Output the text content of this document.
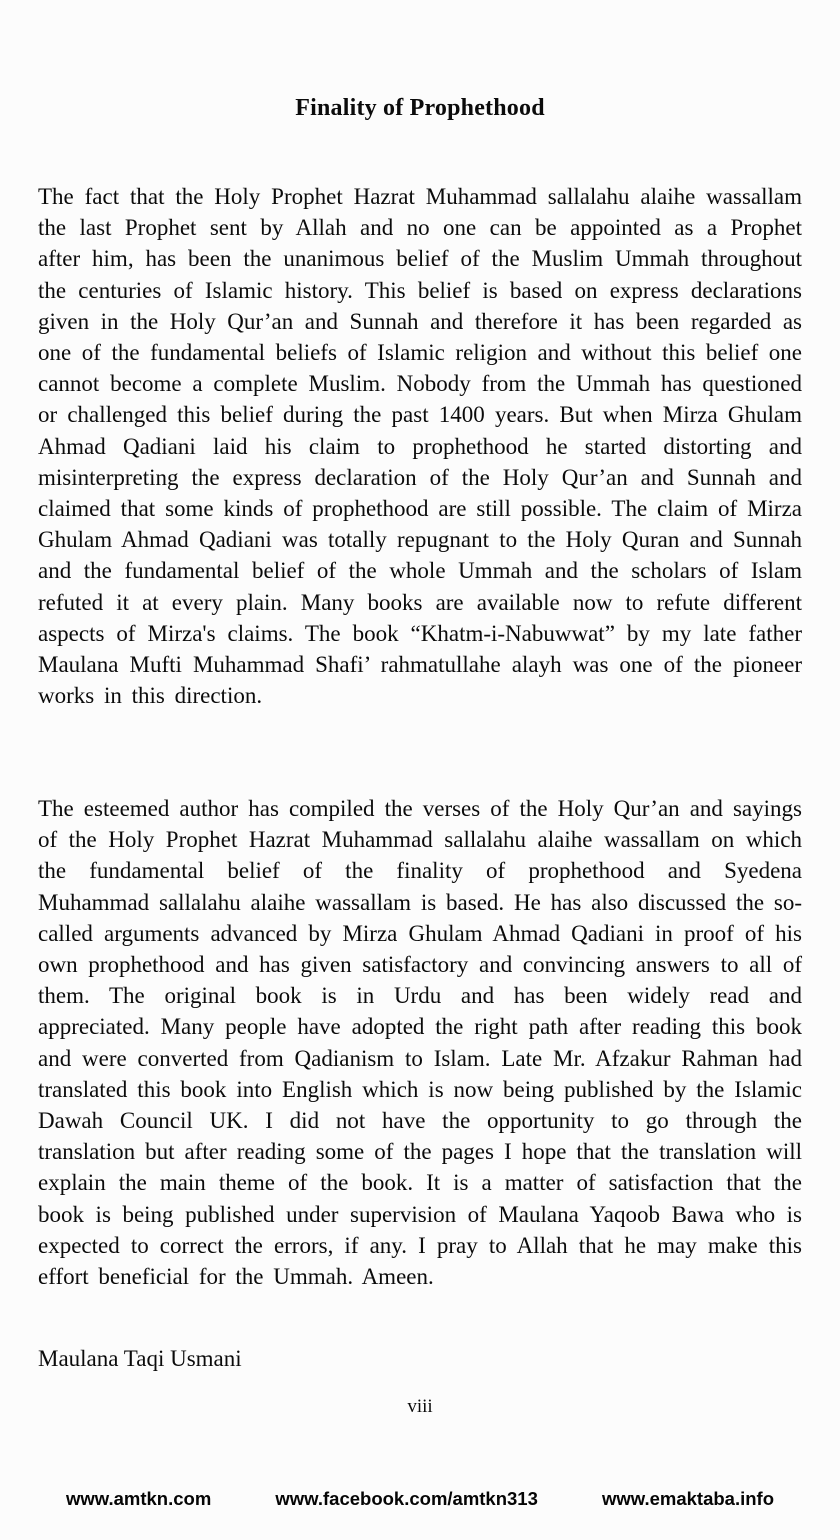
Finality of Prophethood

The fact that the Holy Prophet Hazrat Muhammad sallalahu alaihe wassallam the last Prophet sent by Allah and no one can be appointed as a Prophet after him, has been the unanimous belief of the Muslim Ummah throughout the centuries of Islamic history. This belief is based on express declarations given in the Holy Qur’an and Sunnah and therefore it has been regarded as one of the fundamental beliefs of Islamic religion and without this belief one cannot become a complete Muslim. Nobody from the Ummah has questioned or challenged this belief during the past 1400 years. But when Mirza Ghulam Ahmad Qadiani laid his claim to prophethood he started distorting and misinterpreting the express declaration of the Holy Qur’an and Sunnah and claimed that some kinds of prophethood are still possible. The claim of Mirza Ghulam Ahmad Qadiani was totally repugnant to the Holy Quran and Sunnah and the fundamental belief of the whole Ummah and the scholars of Islam refuted it at every plain. Many books are available now to refute different aspects of Mirza's claims. The book “Khatm-i-Nabuwwat” by my late father Maulana Mufti Muhammad Shafi’ rahmatullahe alayh was one of the pioneer works in this direction.

The esteemed author has compiled the verses of the Holy Qur’an and sayings of the Holy Prophet Hazrat Muhammad sallalahu alaihe wassallam on which the fundamental belief of the finality of prophethood and Syedena Muhammad sallalahu alaihe wassallam is based. He has also discussed the so-called arguments advanced by Mirza Ghulam Ahmad Qadiani in proof of his own prophethood and has given satisfactory and convincing answers to all of them. The original book is in Urdu and has been widely read and appreciated. Many people have adopted the right path after reading this book and were converted from Qadianism to Islam. Late Mr. Afzakur Rahman had translated this book into English which is now being published by the Islamic Dawah Council UK. I did not have the opportunity to go through the translation but after reading some of the pages I hope that the translation will explain the main theme of the book. It is a matter of satisfaction that the book is being published under supervision of Maulana Yaqoob Bawa who is expected to correct the errors, if any. I pray to Allah that he may make this effort beneficial for the Ummah. Ameen.

Maulana Taqi Usmani
viii
www.amtkn.com	www.facebook.com/amtkn313	www.emaktaba.info
